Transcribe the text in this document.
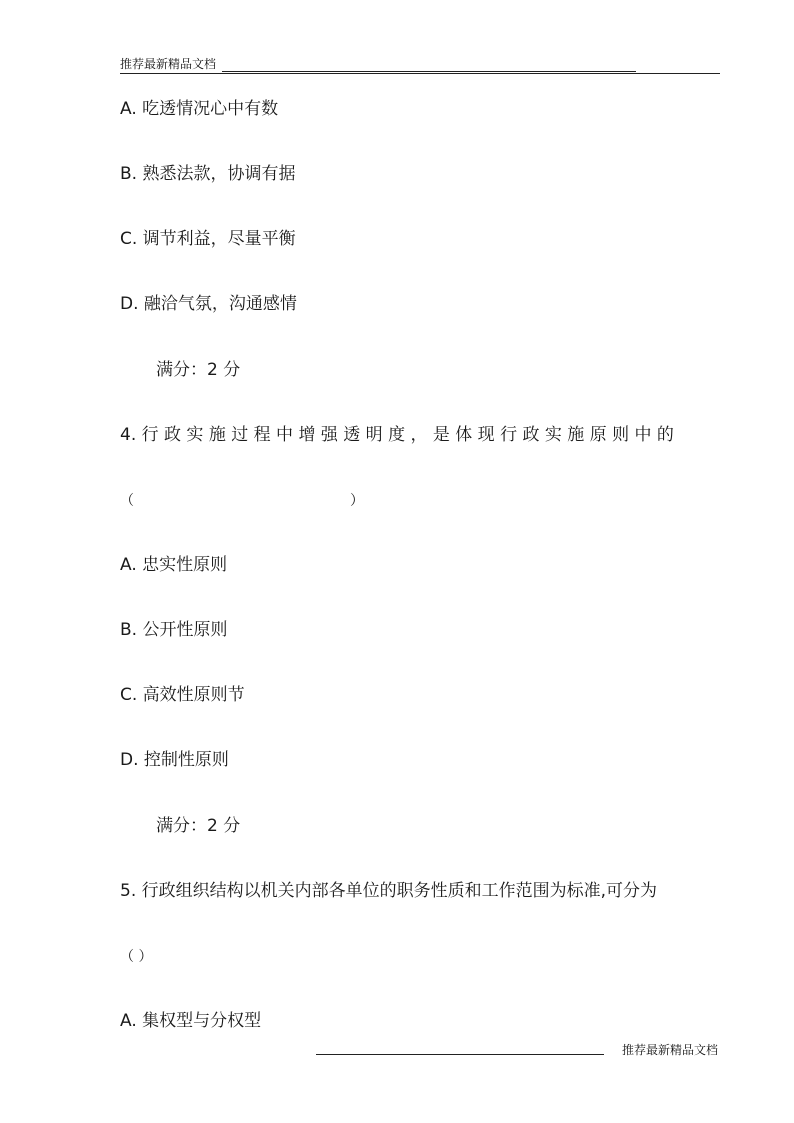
推荐最新精品文档
A. 吃透情况心中有数
B. 熟悉法款，协调有据
C. 调节利益，尽量平衡
D. 融洽气氛，沟通感情
满分：2 分
4. 行 政 实 施 过 程 中 增 强 透 明 度 ， 是 体 现 行 政 实 施 原 则 中 的
（	）
A. 忠实性原则
B. 公开性原则
C. 高效性原则节
D. 控制性原则
满分：2 分
5. 行政组织结构以机关内部各单位的职务性质和工作范围为标准,可分为
（ ）
A. 集权型与分权型
推荐最新精品文档
